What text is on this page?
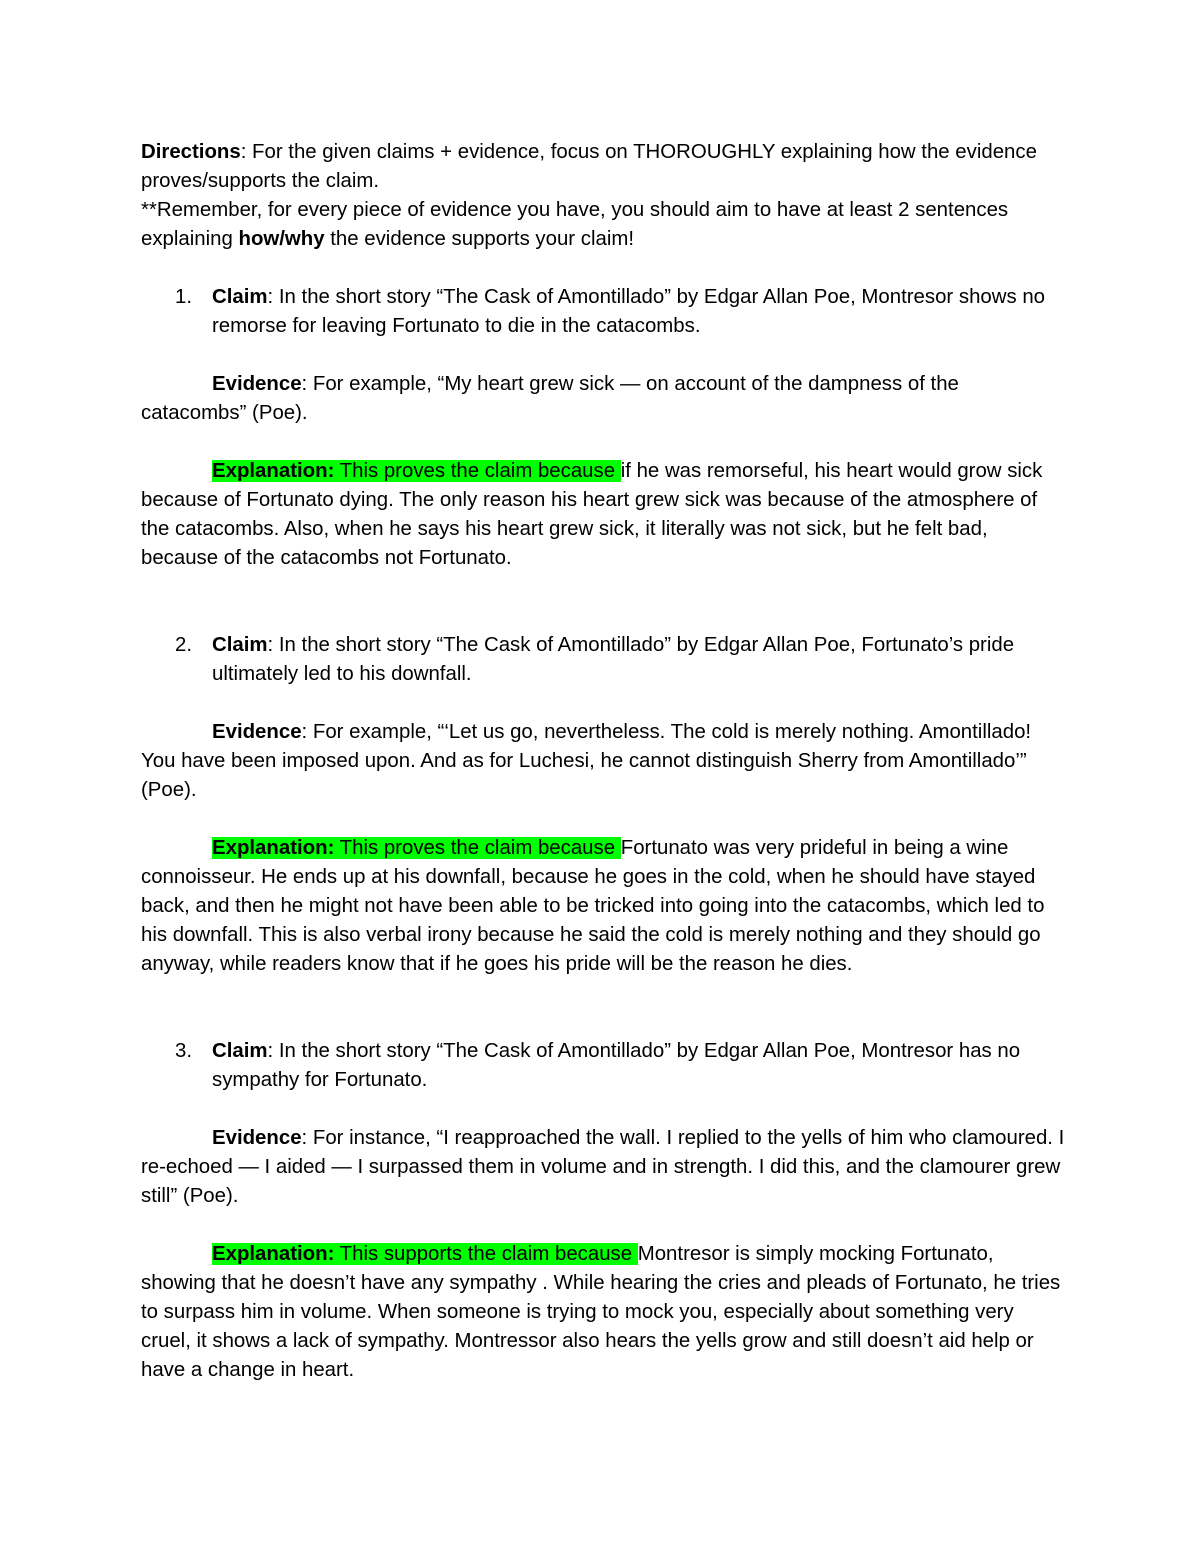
Directions: For the given claims + evidence, focus on THOROUGHLY explaining how the evidence proves/supports the claim.

**Remember, for every piece of evidence you have, you should aim to have at least 2 sentences explaining how/why the evidence supports your claim!

1. Claim: In the short story “The Cask of Amontillado” by Edgar Allan Poe, Montresor shows no remorse for leaving Fortunato to die in the catacombs.

Evidence: For example, “My heart grew sick — on account of the dampness of the catacombs” (Poe).

Explanation: This proves the claim because if he was remorseful, his heart would grow sick because of Fortunato dying. The only reason his heart grew sick was because of the atmosphere of the catacombs. Also, when he says his heart grew sick, it literally was not sick, but he felt bad, because of the catacombs not Fortunato.

2. Claim: In the short story “The Cask of Amontillado” by Edgar Allan Poe, Fortunato’s pride ultimately led to his downfall.

Evidence: For example, “‘Let us go, nevertheless. The cold is merely nothing. Amontillado! You have been imposed upon. And as for Luchesi, he cannot distinguish Sherry from Amontillado’” (Poe).

Explanation: This proves the claim because Fortunato was very prideful in being a wine connoisseur. He ends up at his downfall, because he goes in the cold, when he should have stayed back, and then he might not have been able to be tricked into going into the catacombs, which led to his downfall. This is also verbal irony because he said the cold is merely nothing and they should go anyway, while readers know that if he goes his pride will be the reason he dies.

3. Claim: In the short story “The Cask of Amontillado” by Edgar Allan Poe, Montresor has no sympathy for Fortunato.

Evidence: For instance, “I reapproached the wall. I replied to the yells of him who clamoured. I re-echoed — I aided — I surpassed them in volume and in strength. I did this, and the clamourer grew still” (Poe).

Explanation: This supports the claim because Montresor is simply mocking Fortunato, showing that he doesn’t have any sympathy . While hearing the cries and pleads of Fortunato, he tries to surpass him in volume. When someone is trying to mock you, especially about something very cruel, it shows a lack of sympathy. Montressor also hears the yells grow and still doesn’t aid help or have a change in heart.
